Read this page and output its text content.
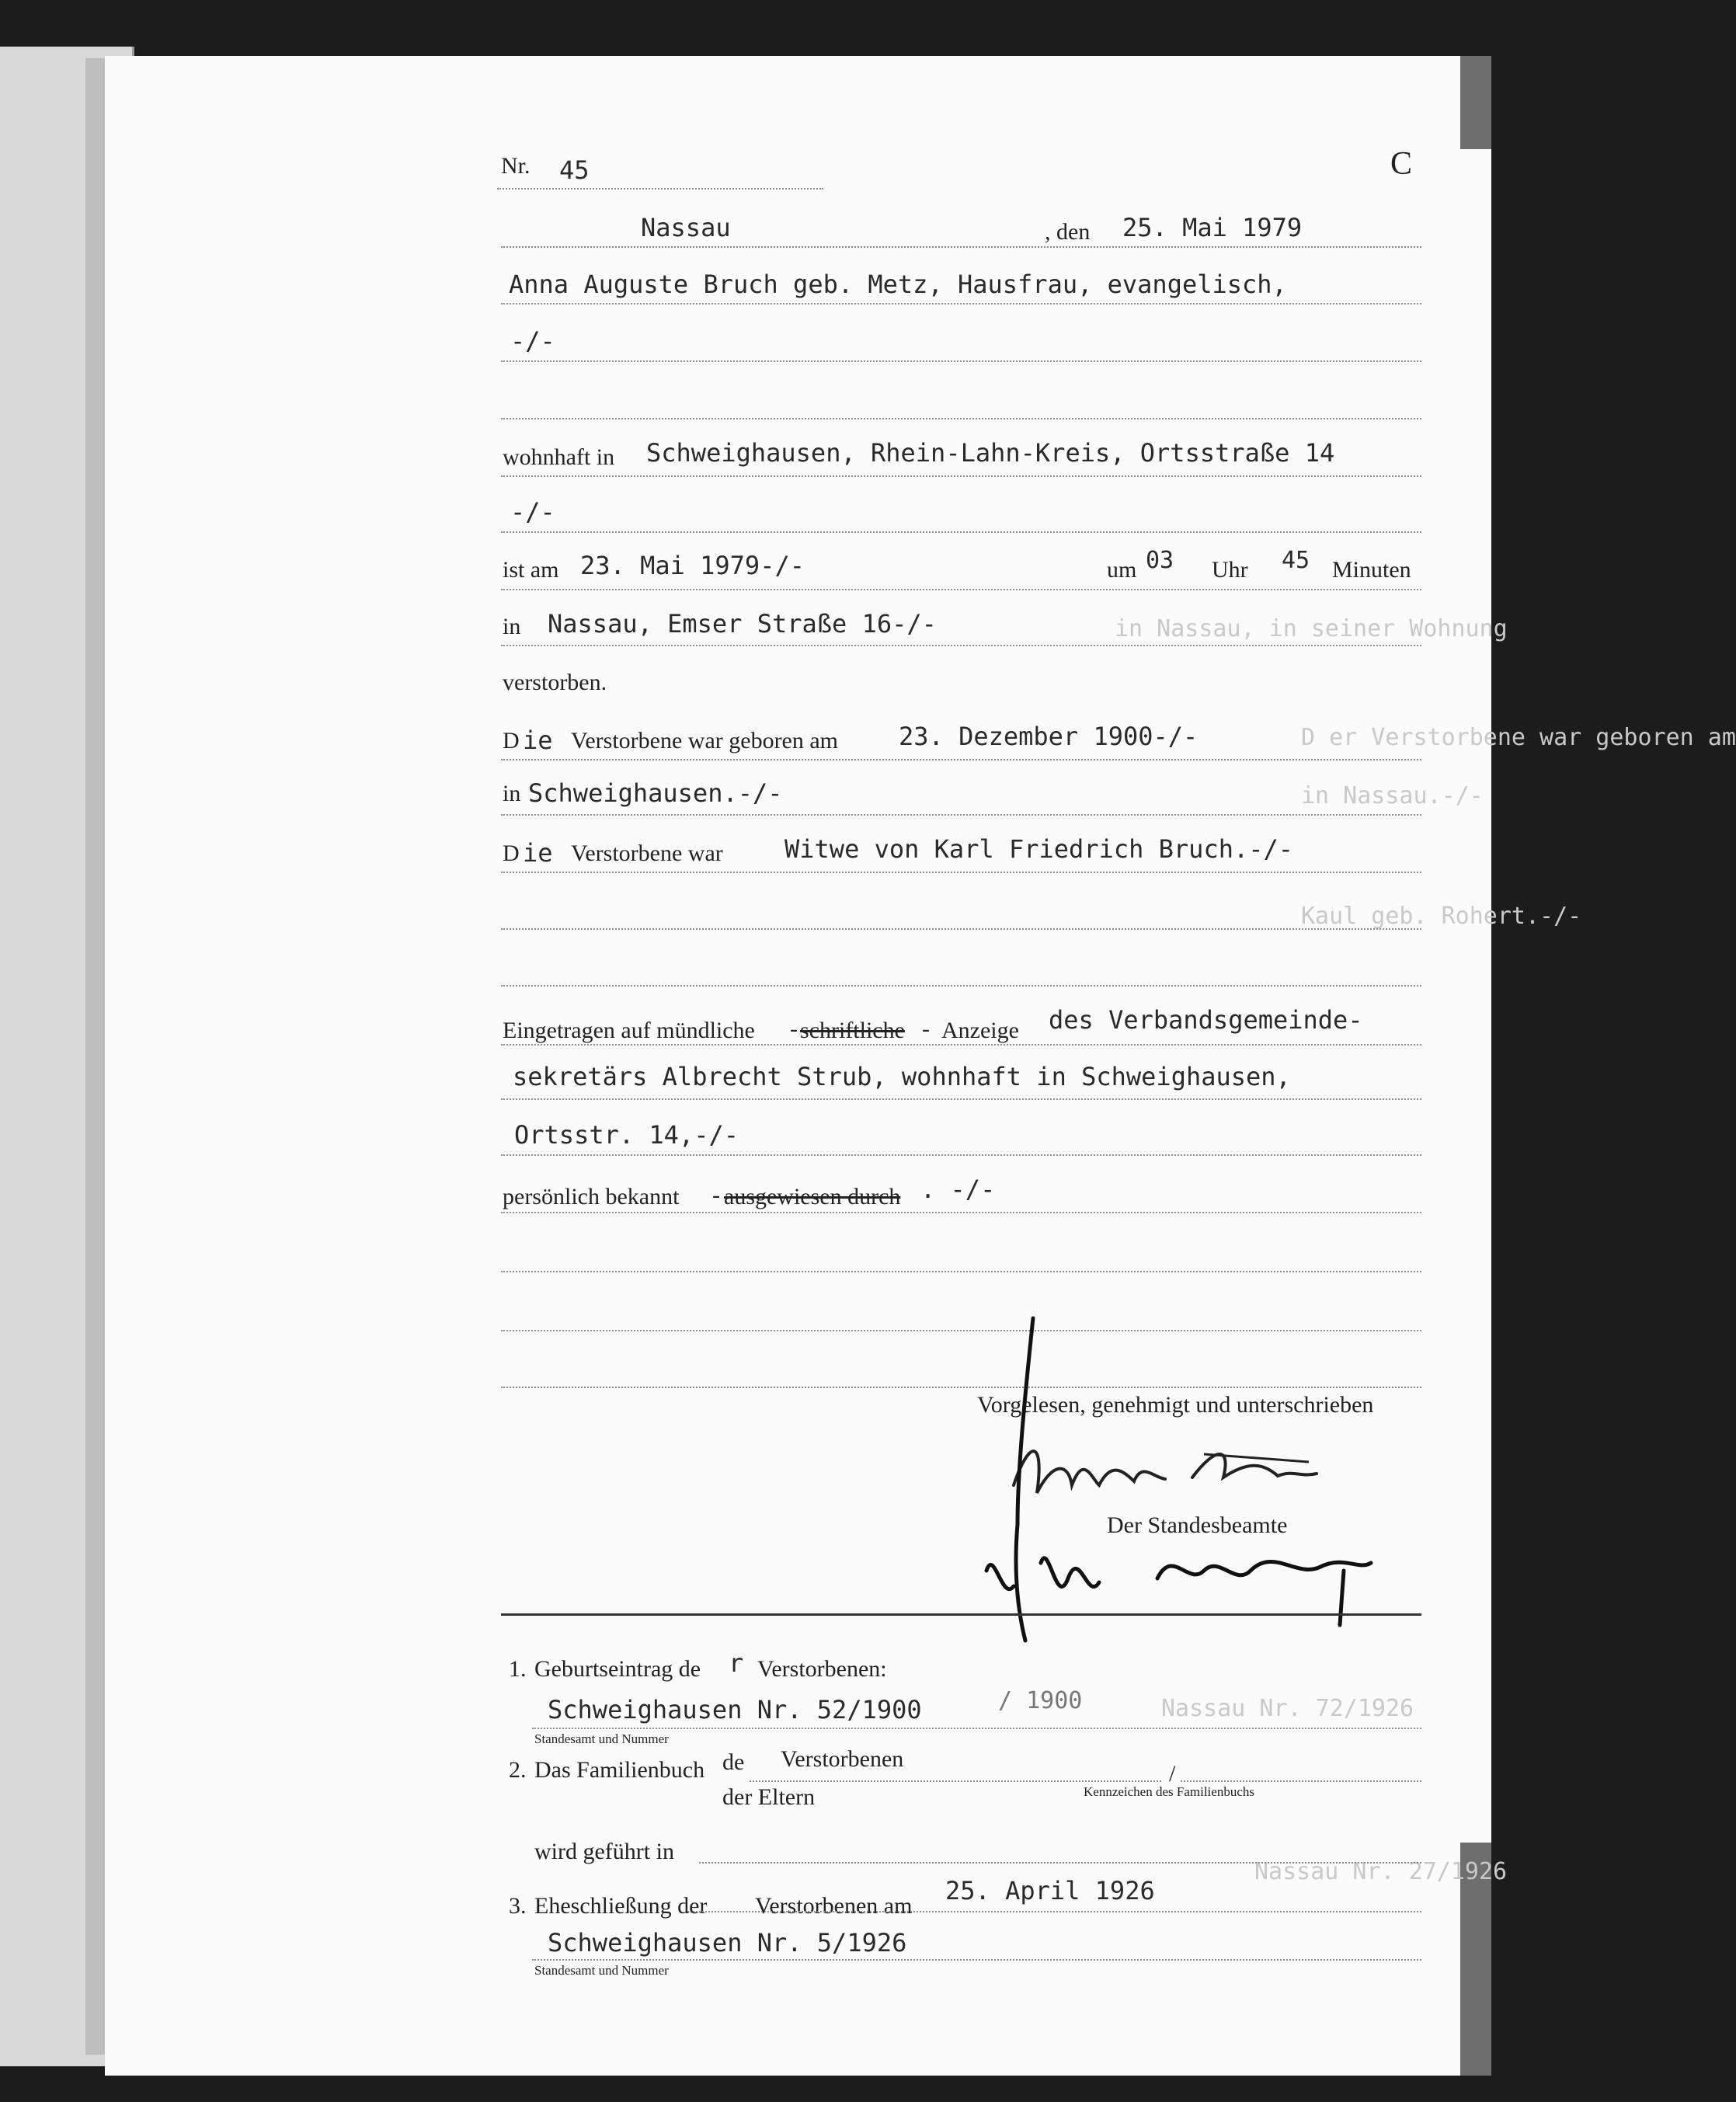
in Nassau, in seiner Wohnung
D er Verstorbene war geboren am
in Nassau.-/-
Kaul geb. Rohert.-/-
Nassau Nr. 72/1926
Nassau Nr. 27/1926
Nr. 45	C
Nassau	, den 25. Mai 1979
Anna Auguste Bruch geb. Metz, Hausfrau, evangelisch,
-/-
wohnhaft in Schweighausen, Rhein-Lahn-Kreis, Ortsstraße 14
-/-
ist am 23. Mai 1979-/-	um 03 Uhr 45 Minuten
in Nassau, Emser Straße 16-/-
verstorben.
D ie Verstorbene war geboren am 23. Dezember 1900-/-
in Schweighausen.-/-
D ie Verstorbene war Witwe von Karl Friedrich Bruch.-/-
Eingetragen auf mündliche - schriftliche - Anzeige des Verbandsgemeinde-
sekretärs Albrecht Strub, wohnhaft in Schweighausen,
Ortsstr. 14,-/-
persönlich bekannt - ausgewiesen durch . -/-
Vorgelesen, genehmigt und unterschrieben
Der Standesbeamte
1. Geburtseintrag de r Verstorbenen:
Schweighausen Nr. 52/1900	/ 1900
Standesamt und Nummer
2. Das Familienbuch de Verstorbenen
/
Kennzeichen des Familienbuchs
der Eltern
wird geführt in
3. Eheschließung der Verstorbenen am
25. April 1926
Schweighausen Nr. 5/1926
Standesamt und Nummer
